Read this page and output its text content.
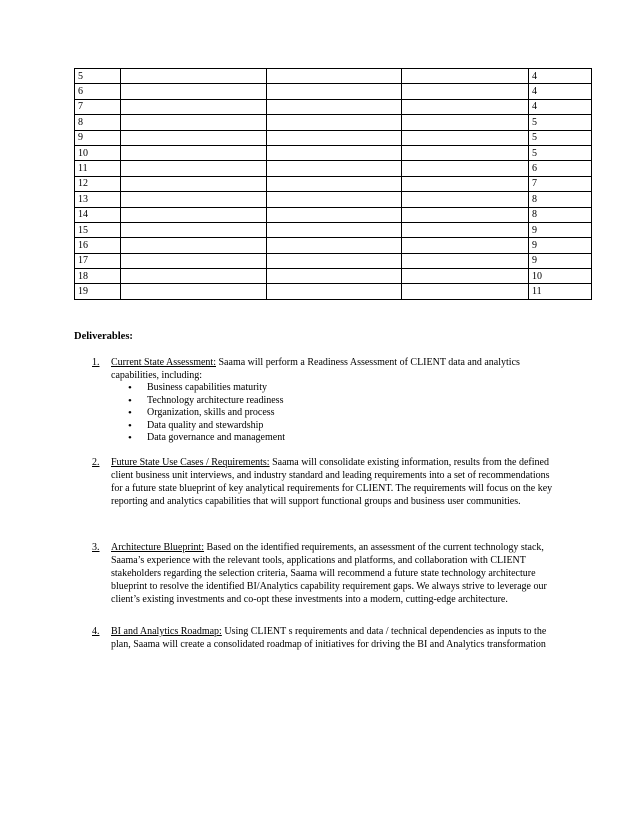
5				4
6				4
7				4
8				5
9				5
10				5
11				6
12				7
13				8
14				8
15				9
16				9
17				9
18				10
19				11
Deliverables:
1. Current State Assessment: Saama will perform a Readiness Assessment of CLIENT data and analytics capabilities, including:
• Business capabilities maturity
• Technology architecture readiness
• Organization, skills and process
• Data quality and stewardship
• Data governance and management
2. Future State Use Cases / Requirements: Saama will consolidate existing information, results from the defined client business unit interviews, and industry standard and leading requirements into a set of recommendations for a future state blueprint of key analytical requirements for CLIENT. The requirements will focus on the key reporting and analytics capabilities that will support functional groups and business user communities.
3. Architecture Blueprint: Based on the identified requirements, an assessment of the current technology stack, Saama’s experience with the relevant tools, applications and platforms, and collaboration with CLIENT stakeholders regarding the selection criteria, Saama will recommend a future state technology architecture blueprint to resolve the identified BI/Analytics capability requirement gaps. We always strive to leverage our client’s existing investments and co-opt these investments into a modern, cutting-edge architecture.
4. BI and Analytics Roadmap: Using CLIENT s requirements and data / technical dependencies as inputs to the plan, Saama will create a consolidated roadmap of initiatives for driving the BI and Analytics transformation
